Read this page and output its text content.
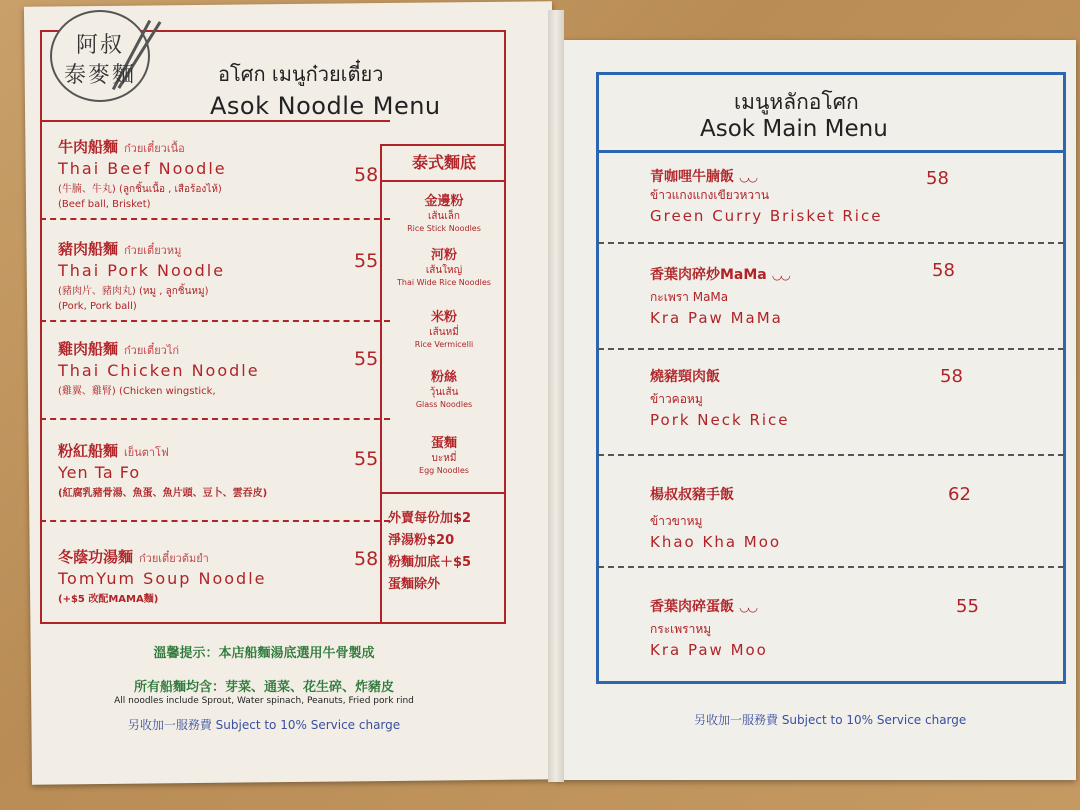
阿叔
泰麥麵	อโศก เมนูก๋วยเตี๋ยว
Asok Noodle Menu
牛肉船麵 ก๋วยเตี๋ยวเนื้อ
Thai Beef Noodle
(牛腩、牛丸) (ลูกชิ้นเนื้อ , เสือร้องไห้)
(Beef ball, Brisket)
58
豬肉船麵 ก๋วยเตี๋ยวหมู
Thai Pork Noodle
(豬肉片、豬肉丸) (หมู , ลูกชิ้นหมู)
(Pork, Pork ball)
55
雞肉船麵 ก๋วยเตี๋ยวไก่
Thai Chicken Noodle
(雞翼、雞腎) (Chicken wingstick,
55
粉紅船麵 เย็นตาโฟ
Yen Ta Fo
(紅腐乳豬骨湯、魚蛋、魚片頭、豆卜、雲吞皮)
55
冬蔭功湯麵 ก๋วยเตี๋ยวต้มยำ
TomYum Soup Noodle
(+$5 改配MAMA麵)
58
泰式麵底
金邊粉
เส้นเล็ก
Rice Stick Noodles
河粉
เส้นใหญ่
Thai Wide Rice Noodles
米粉
เส้นหมี่
Rice Vermicelli
粉絲
วุ้นเส้น
Glass Noodles
蛋麵
บะหมี่
Egg Noodles
外賣每份加$2
淨湯粉$20
粉麵加底＋$5
蛋麵除外
溫馨提示：本店船麵湯底選用牛骨製成
所有船麵均含：芽菜、通菜、花生碎、炸豬皮
All noodles include Sprout, Water spinach, Peanuts, Fried pork rind
另收加一服務費 Subject to 10% Service charge
เมนูหลักอโศก
Asok Main Menu
青咖哩牛腩飯 ◡◡
ข้าวแกงแกงเขียวหวาน
Green Curry Brisket Rice
58
香葉肉碎炒MaMa ◡◡
กะเพรา MaMa
Kra Paw MaMa
58
燒豬頸肉飯
ข้าวคอหมู
Pork Neck Rice
58
楊叔叔豬手飯
ข้าวขาหมู
Khao Kha Moo
62
香葉肉碎蛋飯 ◡◡
กระเพราหมู
Kra Paw Moo
55
另收加一服務費 Subject to 10% Service charge
